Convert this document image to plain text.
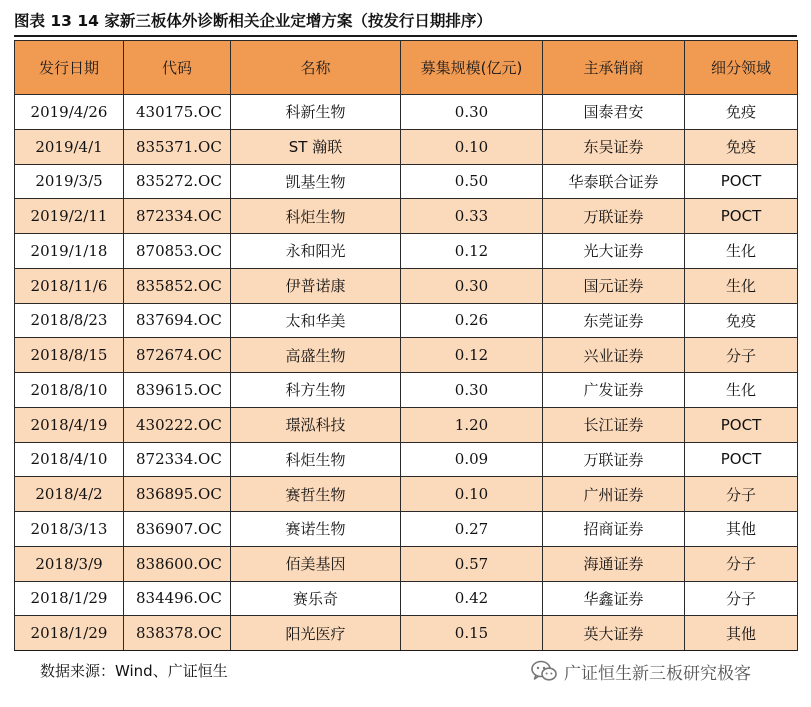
图表 13 14 家新三板体外诊断相关企业定增方案（按发行日期排序）
发行日期	代码	名称	募集规模(亿元)	主承销商	细分领域
2019/4/26	430175.OC	科新生物	0.30	国泰君安	免疫
2019/4/1	835371.OC	ST 瀚联	0.10	东吴证券	免疫
2019/3/5	835272.OC	凯基生物	0.50	华泰联合证券	POCT
2019/2/11	872334.OC	科炬生物	0.33	万联证券	POCT
2019/1/18	870853.OC	永和阳光	0.12	光大证券	生化
2018/11/6	835852.OC	伊普诺康	0.30	国元证券	生化
2018/8/23	837694.OC	太和华美	0.26	东莞证券	免疫
2018/8/15	872674.OC	高盛生物	0.12	兴业证券	分子
2018/8/10	839615.OC	科方生物	0.30	广发证券	生化
2018/4/19	430222.OC	璟泓科技	1.20	长江证券	POCT
2018/4/10	872334.OC	科炬生物	0.09	万联证券	POCT
2018/4/2	836895.OC	赛哲生物	0.10	广州证券	分子
2018/3/13	836907.OC	赛诺生物	0.27	招商证券	其他
2018/3/9	838600.OC	佰美基因	0.57	海通证券	分子
2018/1/29	834496.OC	赛乐奇	0.42	华鑫证券	分子
2018/1/29	838378.OC	阳光医疗	0.15	英大证券	其他
数据来源：Wind、广证恒生	广证恒生新三板研究极客
